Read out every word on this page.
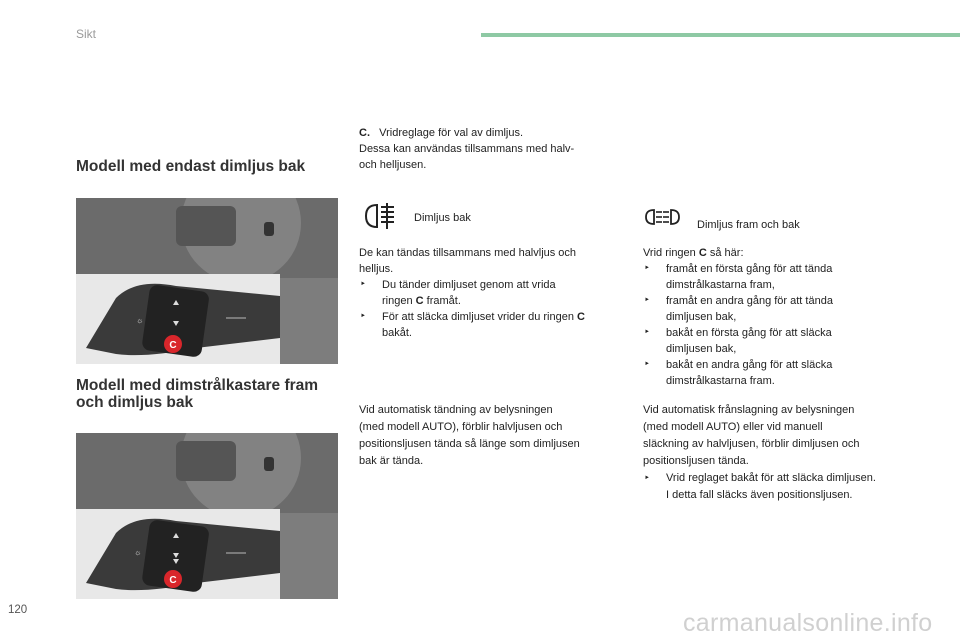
Sikt
Modell med endast dimljus bak
Modell med dimstrålkastare fram och dimljus bak
C
☼
C
☼
C. Vridreglage för val av dimljus.
Dessa kan användas tillsammans med halv-
och helljusen.
Dimljus bak
Dimljus fram och bak
De kan tändas tillsammans med halvljus och
helljus.
‣ Du tänder dimljuset genom att vrida
ringen C framåt.
‣ För att släcka dimljuset vrider du ringen C
bakåt.
Vid automatisk tändning av belysningen
(med modell AUTO), förblir halvljusen och
positionsljusen tända så länge som dimljusen
bak är tända.
Vrid ringen C så här:
‣ framåt en första gång för att tända
dimstrålkastarna fram,
‣ framåt en andra gång för att tända
dimljusen bak,
‣ bakåt en första gång för att släcka
dimljusen bak,
‣ bakåt en andra gång för att släcka
dimstrålkastarna fram.
Vid automatisk frånslagning av belysningen
(med modell AUTO) eller vid manuell
släckning av halvljusen, förblir dimljusen och
positionsljusen tända.
‣ Vrid reglaget bakåt för att släcka dimljusen.
I detta fall släcks även positionsljusen.
120	carmanualsonline.info
